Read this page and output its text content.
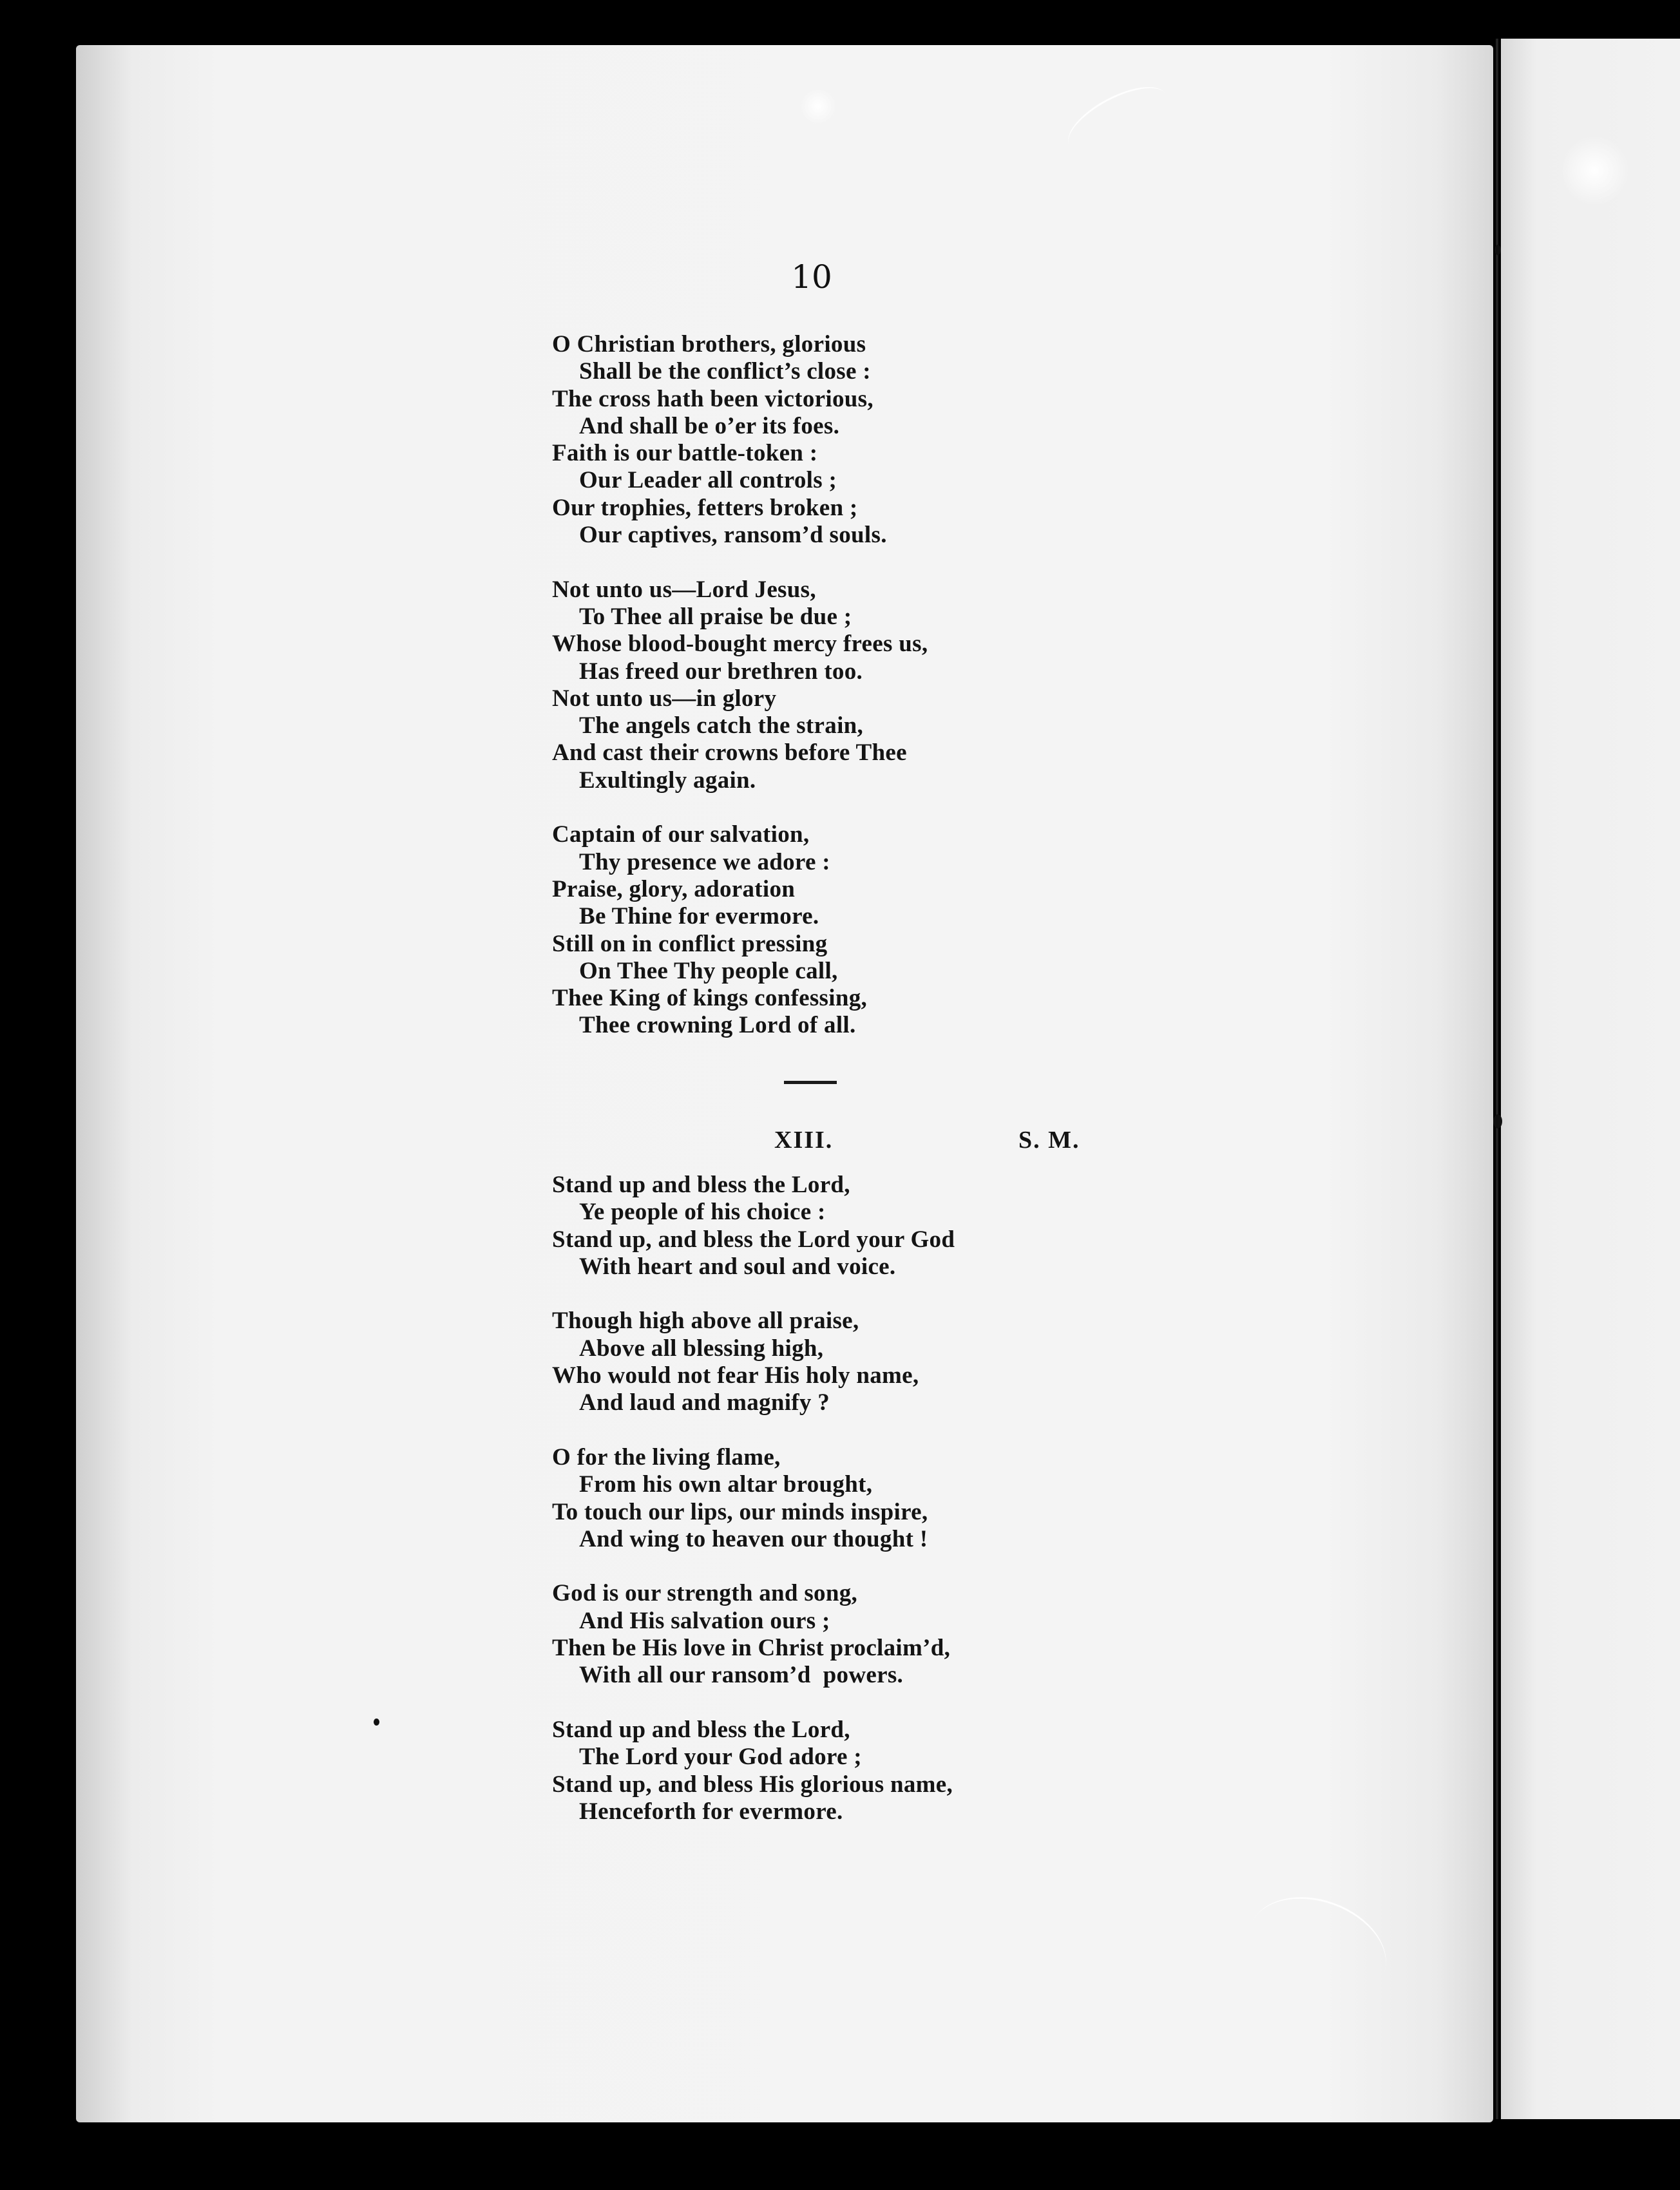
10
O Christian brothers, glorious
Shall be the conflict’s close :
The cross hath been victorious,
And shall be o’er its foes.
Faith is our battle-token :
Our Leader all controls ;
Our trophies, fetters broken ;
Our captives, ransom’d souls.
Not unto us—Lord Jesus,
To Thee all praise be due ;
Whose blood-bought mercy frees us,
Has freed our brethren too.
Not unto us—in glory
The angels catch the strain,
And cast their crowns before Thee
Exultingly again.
Captain of our salvation,
Thy presence we adore :
Praise, glory, adoration
Be Thine for evermore.
Still on in conflict pressing
On Thee Thy people call,
Thee King of kings confessing,
Thee crowning Lord of all.
XIII.	S. M.
Stand up and bless the Lord,
Ye people of his choice :
Stand up, and bless the Lord your God
With heart and soul and voice.
Though high above all praise,
Above all blessing high,
Who would not fear His holy name,
And laud and magnify ?
O for the living flame,
From his own altar brought,
To touch our lips, our minds inspire,
And wing to heaven our thought !
God is our strength and song,
And His salvation ours ;
Then be His love in Christ proclaim’d,
With all our ransom’d  powers.
Stand up and bless the Lord,
The Lord your God adore ;
Stand up, and bless His glorious name,
Henceforth for evermore.
